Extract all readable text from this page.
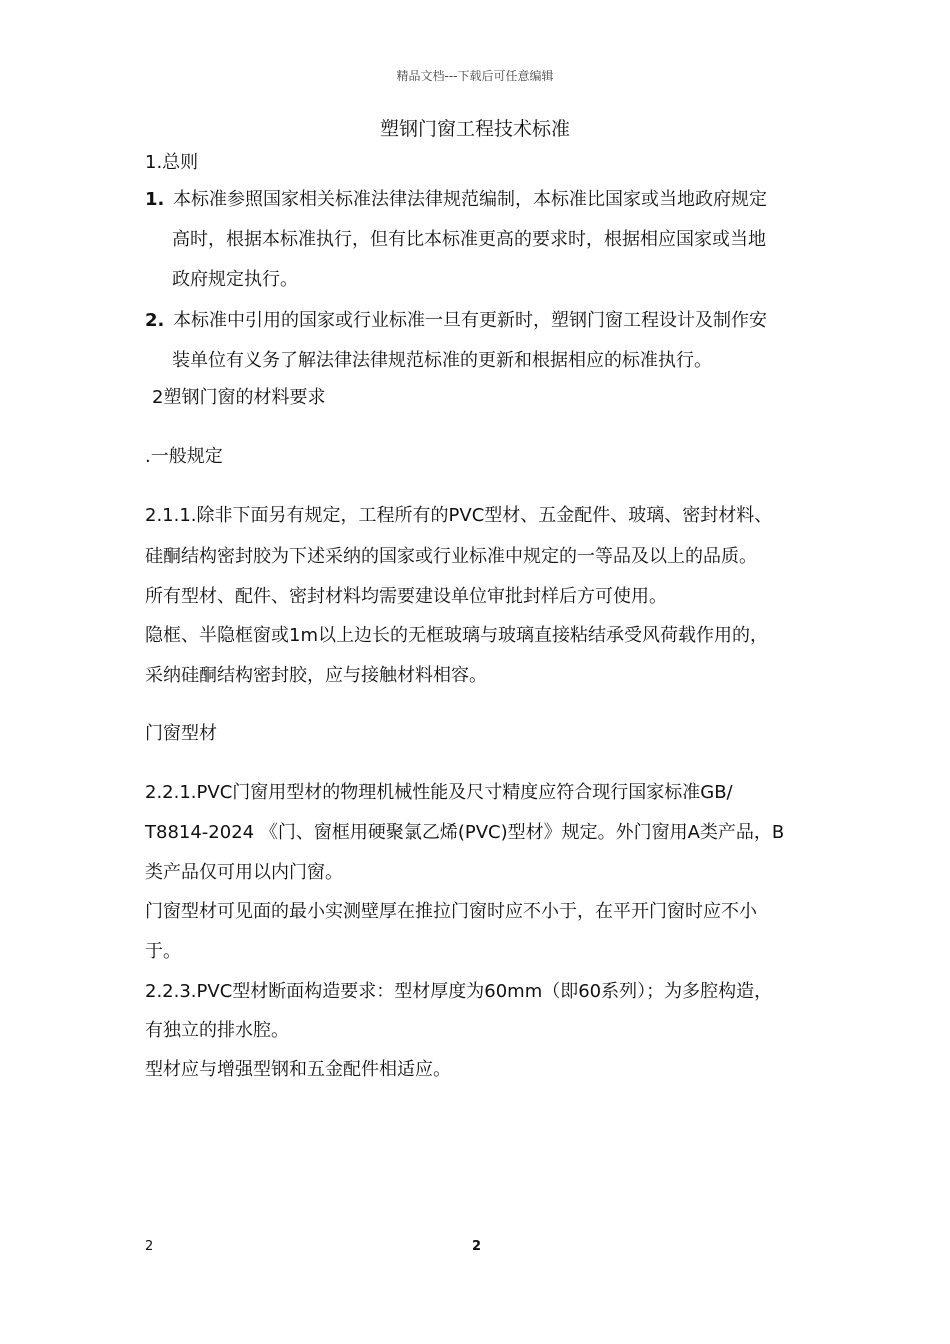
精品文档---下载后可任意编辑
塑钢门窗工程技术标准
1.总则
1. 本标准参照国家相关标准法律法律规范编制，本标准比国家或当地政府规定
高时，根据本标准执行，但有比本标准更高的要求时，根据相应国家或当地
政府规定执行。
2. 本标准中引用的国家或行业标准一旦有更新时，塑钢门窗工程设计及制作安
装单位有义务了解法律法律规范标准的更新和根据相应的标准执行。
2塑钢门窗的材料要求
.一般规定
2.1.1.除非下面另有规定，工程所有的PVC型材、五金配件、玻璃、密封材料、
硅酮结构密封胶为下述采纳的国家或行业标准中规定的一等品及以上的品质。
所有型材、配件、密封材料均需要建设单位审批封样后方可使用。
隐框、半隐框窗或1m以上边长的无框玻璃与玻璃直接粘结承受风荷载作用的，
采纳硅酮结构密封胶，应与接触材料相容。
门窗型材
2.2.1.PVC门窗用型材的物理机械性能及尺寸精度应符合现行国家标准GB/
T8814-2024 《门、窗框用硬聚氯乙烯(PVC)型材》规定。外门窗用A类产品，B
类产品仅可用以内门窗。
门窗型材可见面的最小实测壁厚在推拉门窗时应不小于，在平开门窗时应不小
于。
2.2.3.PVC型材断面构造要求：型材厚度为60mm（即60系列）；为多腔构造，
有独立的排水腔。
型材应与增强型钢和五金配件相适应。
2	2
